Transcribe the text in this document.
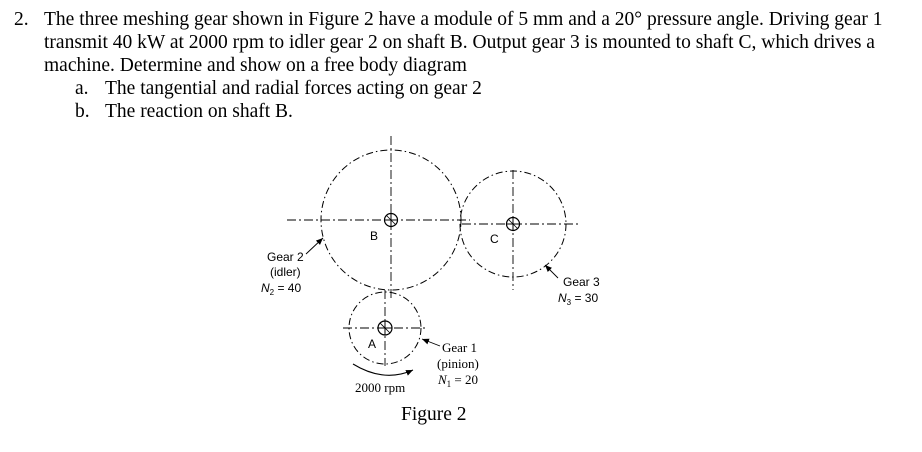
2. The three meshing gear shown in Figure 2 have a module of 5 mm and a 20° pressure angle. Driving gear 1 transmit 40 kW at 2000 rpm to idler gear 2 on shaft B. Output gear 3 is mounted to shaft C, which drives a machine. Determine and show on a free body diagram
a. The tangential and radial forces acting on gear 2
b. The reaction on shaft B.
B	C
A
Gear 2
(idler)
$N_2 = 40$	Gear 3
$N_3 = 30$
Gear 1
(pinion)
$N_1 = 20$
2000 rpm
Figure 2
